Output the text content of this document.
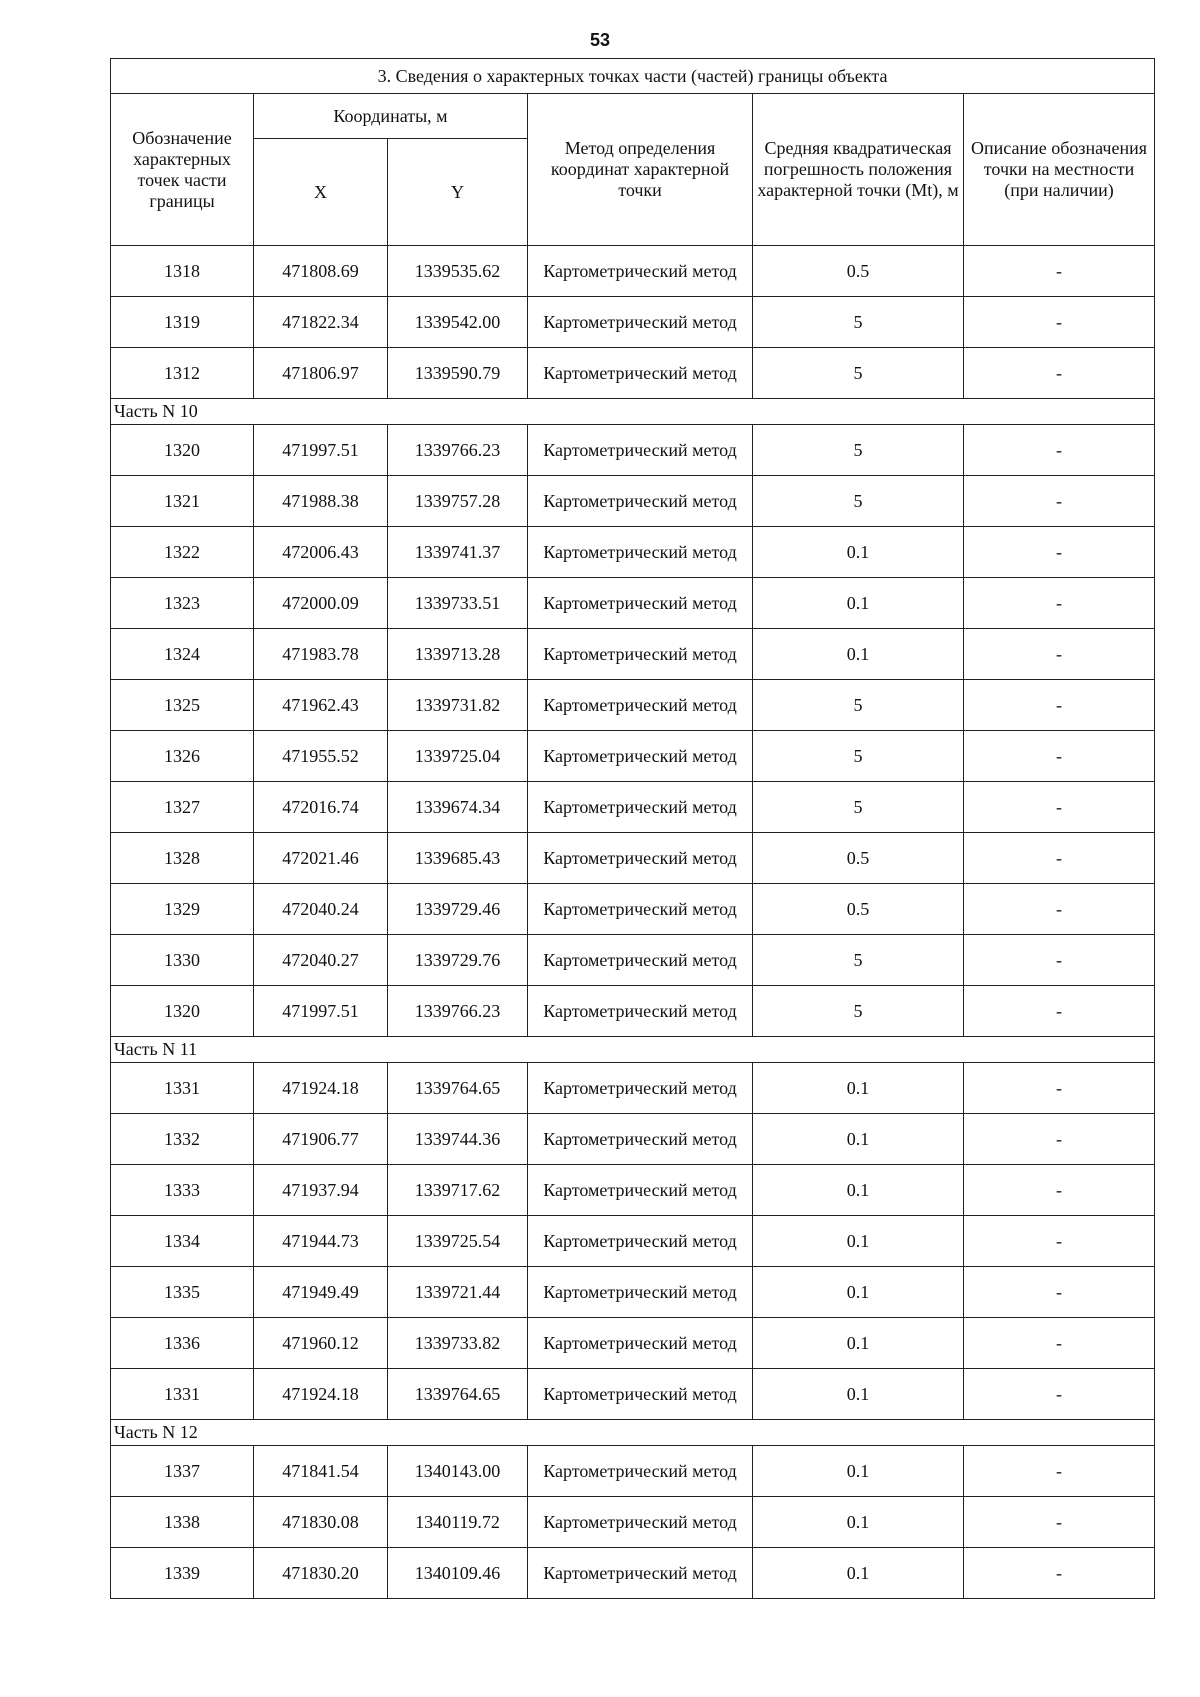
53
3. Сведения о характерных точках части (частей) границы объекта					
Обозначение характерных точек части границы	Координаты, м		Метод определения координат характерной точки	Средняя квадратическая погрешность положения характерной точки (Mt), м	Описание обозначения точки на местности (при наличии)
	X	Y			
1318	471808.69	1339535.62	Картометрический метод	0.5	-
1319	471822.34	1339542.00	Картометрический метод	5	-
1312	471806.97	1339590.79	Картометрический метод	5	-
Часть N 10					
1320	471997.51	1339766.23	Картометрический метод	5	-
1321	471988.38	1339757.28	Картометрический метод	5	-
1322	472006.43	1339741.37	Картометрический метод	0.1	-
1323	472000.09	1339733.51	Картометрический метод	0.1	-
1324	471983.78	1339713.28	Картометрический метод	0.1	-
1325	471962.43	1339731.82	Картометрический метод	5	-
1326	471955.52	1339725.04	Картометрический метод	5	-
1327	472016.74	1339674.34	Картометрический метод	5	-
1328	472021.46	1339685.43	Картометрический метод	0.5	-
1329	472040.24	1339729.46	Картометрический метод	0.5	-
1330	472040.27	1339729.76	Картометрический метод	5	-
1320	471997.51	1339766.23	Картометрический метод	5	-
Часть N 11					
1331	471924.18	1339764.65	Картометрический метод	0.1	-
1332	471906.77	1339744.36	Картометрический метод	0.1	-
1333	471937.94	1339717.62	Картометрический метод	0.1	-
1334	471944.73	1339725.54	Картометрический метод	0.1	-
1335	471949.49	1339721.44	Картометрический метод	0.1	-
1336	471960.12	1339733.82	Картометрический метод	0.1	-
1331	471924.18	1339764.65	Картометрический метод	0.1	-
Часть N 12					
1337	471841.54	1340143.00	Картометрический метод	0.1	-
1338	471830.08	1340119.72	Картометрический метод	0.1	-
1339	471830.20	1340109.46	Картометрический метод	0.1	-
